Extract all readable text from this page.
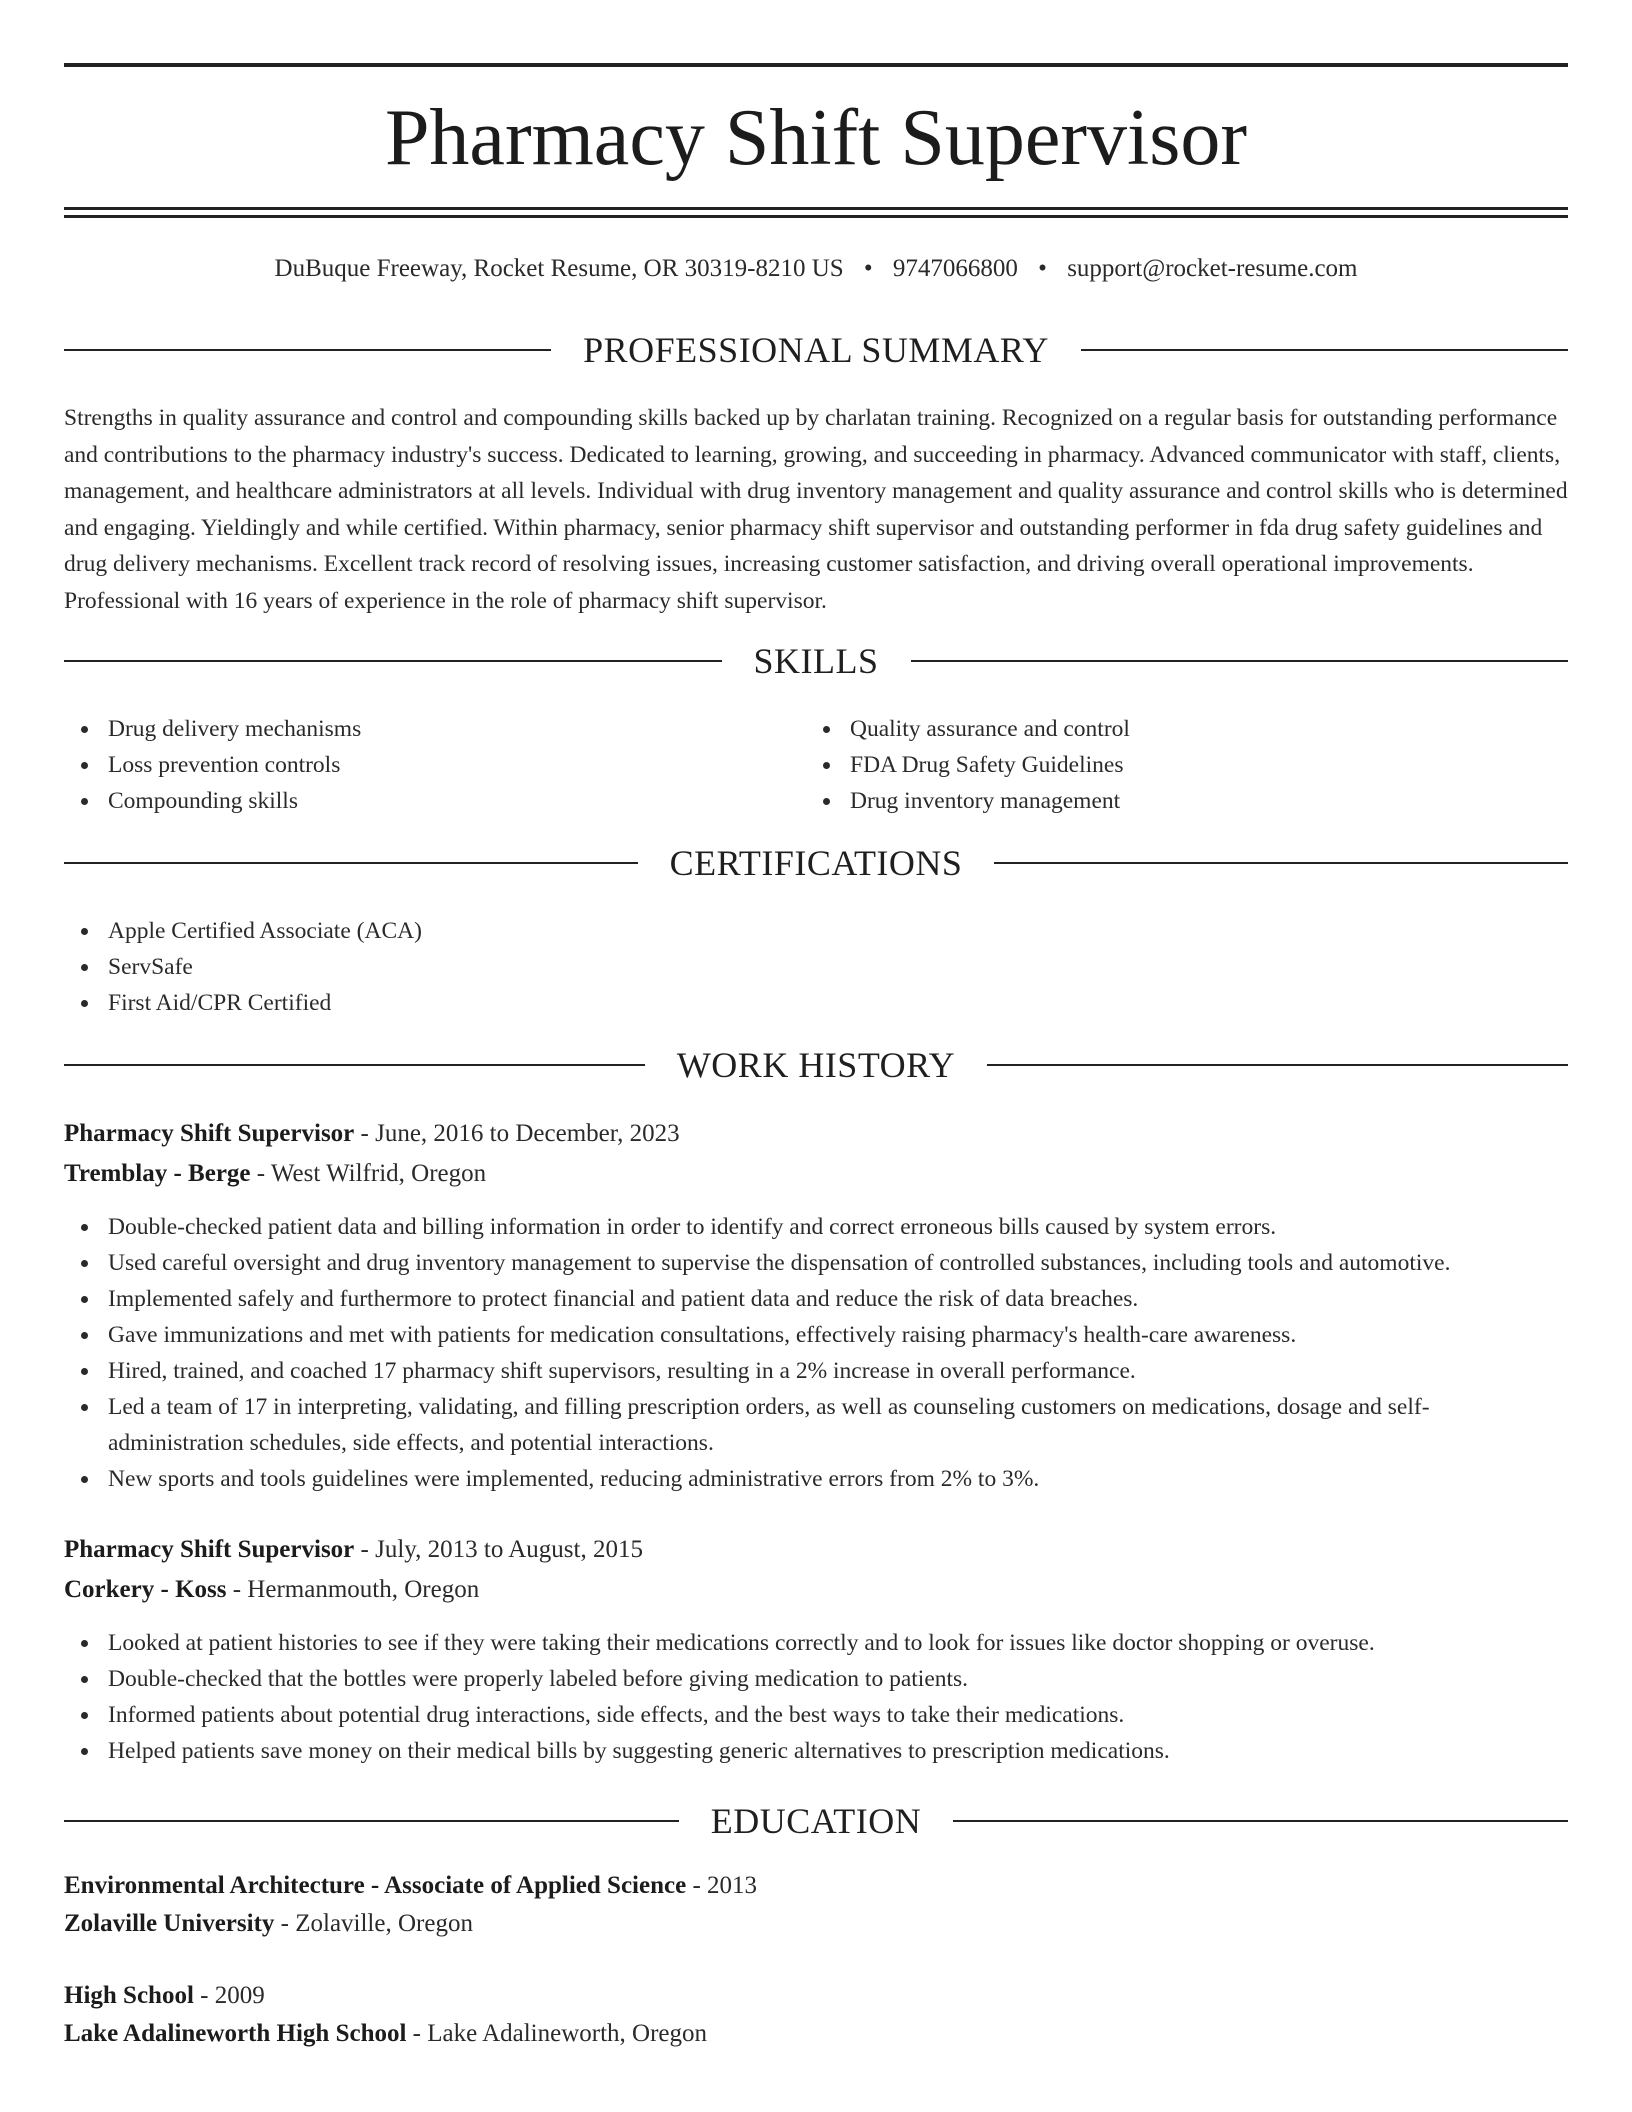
Pharmacy Shift Supervisor
DuBuque Freeway, Rocket Resume, OR 30319-8210 US • 9747066800 • support@rocket-resume.com
PROFESSIONAL SUMMARY

Strengths in quality assurance and control and compounding skills backed up by charlatan training. Recognized on a regular basis for outstanding performance and contributions to the pharmacy industry's success. Dedicated to learning, growing, and succeeding in pharmacy. Advanced communicator with staff, clients, management, and healthcare administrators at all levels. Individual with drug inventory management and quality assurance and control skills who is determined and engaging. Yieldingly and while certified. Within pharmacy, senior pharmacy shift supervisor and outstanding performer in fda drug safety guidelines and drug delivery mechanisms. Excellent track record of resolving issues, increasing customer satisfaction, and driving overall operational improvements. Professional with 16 years of experience in the role of pharmacy shift supervisor.

SKILLS
Drug delivery mechanisms
Loss prevention controls
Compounding skills
Quality assurance and control
FDA Drug Safety Guidelines
Drug inventory management
CERTIFICATIONS
Apple Certified Associate (ACA)
ServSafe
First Aid/CPR Certified
WORK HISTORY
Pharmacy Shift Supervisor - June, 2016 to December, 2023
Tremblay - Berge - West Wilfrid, Oregon
Double-checked patient data and billing information in order to identify and correct erroneous bills caused by system errors.
Used careful oversight and drug inventory management to supervise the dispensation of controlled substances, including tools and automotive.
Implemented safely and furthermore to protect financial and patient data and reduce the risk of data breaches.
Gave immunizations and met with patients for medication consultations, effectively raising pharmacy's health-care awareness.
Hired, trained, and coached 17 pharmacy shift supervisors, resulting in a 2% increase in overall performance.
Led a team of 17 in interpreting, validating, and filling prescription orders, as well as counseling customers on medications, dosage and self-administration schedules, side effects, and potential interactions.
New sports and tools guidelines were implemented, reducing administrative errors from 2% to 3%.
Pharmacy Shift Supervisor - July, 2013 to August, 2015
Corkery - Koss - Hermanmouth, Oregon
Looked at patient histories to see if they were taking their medications correctly and to look for issues like doctor shopping or overuse.
Double-checked that the bottles were properly labeled before giving medication to patients.
Informed patients about potential drug interactions, side effects, and the best ways to take their medications.
Helped patients save money on their medical bills by suggesting generic alternatives to prescription medications.
EDUCATION
Environmental Architecture - Associate of Applied Science - 2013
Zolaville University - Zolaville, Oregon
High School - 2009
Lake Adalineworth High School - Lake Adalineworth, Oregon
